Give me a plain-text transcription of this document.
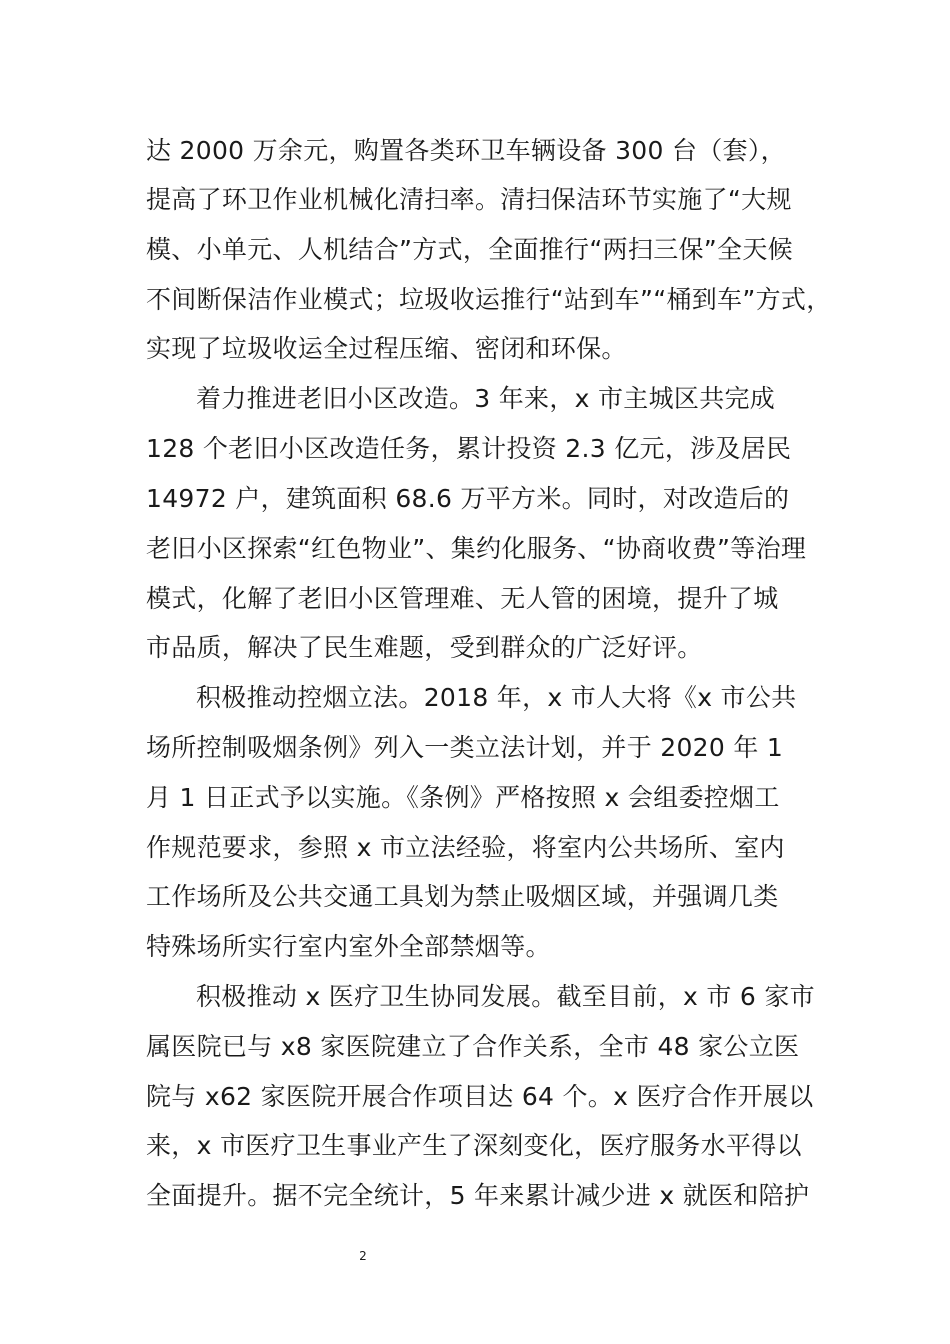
达 2000 万余元，购置各类环卫车辆设备 300 台（套），
提高了环卫作业机械化清扫率。清扫保洁环节实施了“大规
模、小单元、人机结合”方式，全面推行“两扫三保”全天候
不间断保洁作业模式；垃圾收运推行“站到车”“桶到车”方式，
实现了垃圾收运全过程压缩、密闭和环保。
着力推进老旧小区改造。3 年来，x 市主城区共完成
128 个老旧小区改造任务，累计投资 2.3 亿元，涉及居民
14972 户，建筑面积 68.6 万平方米。同时，对改造后的
老旧小区探索“红色物业”、集约化服务、“协商收费”等治理
模式，化解了老旧小区管理难、无人管的困境，提升了城
市品质，解决了民生难题，受到群众的广泛好评。
积极推动控烟立法。2018 年，x 市人大将《x 市公共
场所控制吸烟条例》列入一类立法计划，并于 2020 年 1
月 1 日正式予以实施。《条例》严格按照 x 会组委控烟工
作规范要求，参照 x 市立法经验，将室内公共场所、室内
工作场所及公共交通工具划为禁止吸烟区域，并强调几类
特殊场所实行室内室外全部禁烟等。
积极推动 x 医疗卫生协同发展。截至目前，x 市 6 家市
属医院已与 x8 家医院建立了合作关系，全市 48 家公立医
院与 x62 家医院开展合作项目达 64 个。x 医疗合作开展以
来，x 市医疗卫生事业产生了深刻变化，医疗服务水平得以
全面提升。据不完全统计，5 年来累计减少进 x 就医和陪护
2
